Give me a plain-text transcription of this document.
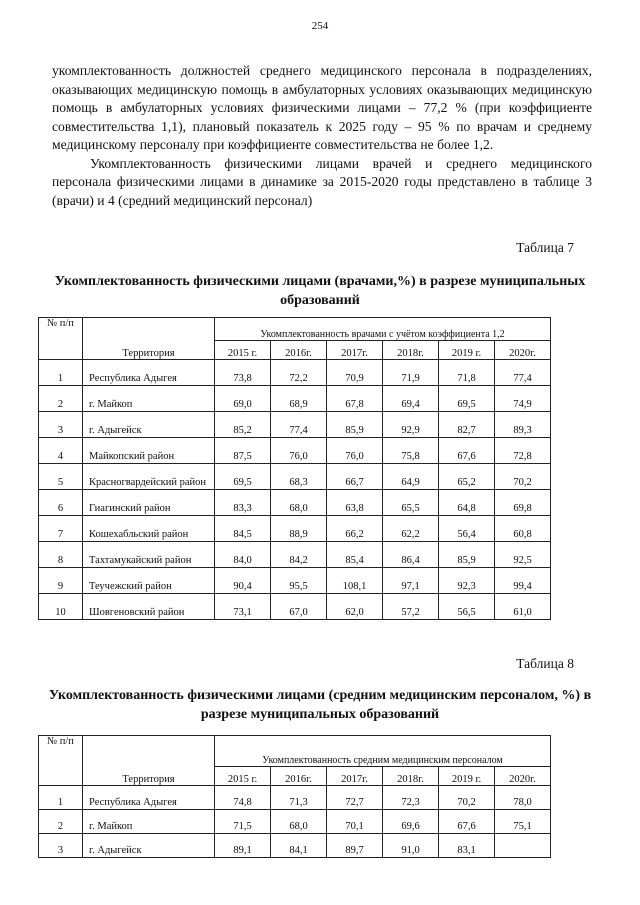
254

укомплектованность должностей среднего медицинского персонала в подразделениях, оказывающих медицинскую помощь в амбулаторных условиях оказывающих медицинскую помощь в амбулаторных условиях физическими лицами – 77,2 % (при коэффициенте совместительства 1,1), плановый показатель к 2025 году – 95 % по врачам и среднему медицинскому персоналу при коэффициенте совместительства не более 1,2.

Укомплектованность физическими лицами врачей и среднего медицинского персонала физическими лицами в динамике за 2015-2020 годы представлено в таблице 3 (врачи) и 4 (средний медицинский персонал)

Таблица 7
Укомплектованность физическими лицами (врачами,%) в разрезе муниципальных образований
№ п/п	Территория	Укомплектованность врачами с учётом коэффициента 1,2					
		2015 г.	2016г.	2017г.	2018г.	2019 г.	2020г.
1	Республика Адыгея	73,8	72,2	70,9	71,9	71,8	77,4
2	г. Майкоп	69,0	68,9	67,8	69,4	69,5	74,9
3	г. Адыгейск	85,2	77,4	85,9	92,9	82,7	89,3
4	Майкопский район	87,5	76,0	76,0	75,8	67,6	72,8
5	Красногвардейский район	69,5	68,3	66,7	64,9	65,2	70,2
6	Гиагинский район	83,3	68,0	63,8	65,5	64,8	69,8
7	Кошехабльский район	84,5	88,9	66,2	62,2	56,4	60,8
8	Тахтамукайский район	84,0	84,2	85,4	86,4	85,9	92,5
9	Теучежский район	90,4	95,5	108,1	97,1	92,3	99,4
10	Шовгеновский район	73,1	67,0	62,0	57,2	56,5	61,0
Таблица 8
Укомплектованность физическими лицами (средним медицинским персоналом, %) в разрезе муниципальных образований
№ п/п	Территория	Укомплектованность средним медицинским персоналом					
		2015 г.	2016г.	2017г.	2018г.	2019 г.	2020г.
1	Республика Адыгея	74,8	71,3	72,7	72,3	70,2	78,0
2	г. Майкоп	71,5	68,0	70,1	69,6	67,6	75,1
3	г. Адыгейск	89,1	84,1	89,7	91,0	83,1	
